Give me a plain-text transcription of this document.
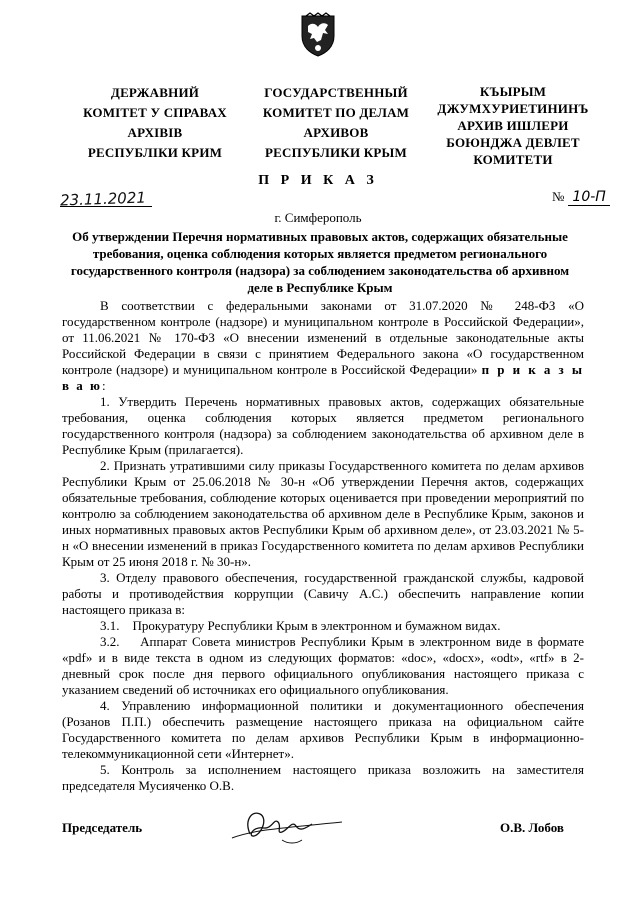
ДЕРЖАВНИЙ
КОМІТЕТ У СПРАВАХ
АРХІВІВ
РЕСПУБЛІКИ КРИМ
ГОСУДАРСТВЕННЫЙ
КОМИТЕТ ПО ДЕЛАМ
АРХИВОВ
РЕСПУБЛИКИ КРЫМ
КЪЫРЫМ
ДЖУМХУРИЕТИНИНЪ
АРХИВ ИШЛЕРИ
БОЮНДЖА ДЕВЛЕТ
КОМИТЕТИ
П Р И К А З
23.11.2021	№ 10-П
г. Симферополь
Об утверждении Перечня нормативных правовых актов, содержащих обязательные требования, оценка соблюдения которых является предметом регионального государственного контроля (надзора) за соблюдением законодательства об архивном деле в Республике Крым

В соответствии с федеральными законами от 31.07.2020 № 248-ФЗ «О государственном контроле (надзоре) и муниципальном контроле в Российской Федерации», от 11.06.2021 № 170-ФЗ «О внесении изменений в отдельные законодательные акты Российской Федерации в связи с принятием Федерального закона «О государственном контроле (надзоре) и муниципальном контроле в Российской Федерации» п р и к а з ы в а ю:

1. Утвердить Перечень нормативных правовых актов, содержащих обязательные требования, оценка соблюдения которых является предметом регионального государственного контроля (надзора) за соблюдением законодательства об архивном деле в Республике Крым (прилагается).

2. Признать утратившими силу приказы Государственного комитета по делам архивов Республики Крым от 25.06.2018 № 30-н «Об утверждении Перечня актов, содержащих обязательные требования, соблюдение которых оценивается при проведении мероприятий по контролю за соблюдением законодательства об архивном деле в Республике Крым, законов и иных нормативных правовых актов Республики Крым об архивном деле», от 23.03.2021 № 5-н «О внесении изменений в приказ Государственного комитета по делам архивов Республики Крым от 25 июня 2018 г. № 30-н».

3. Отделу правового обеспечения, государственной гражданской службы, кадровой работы и противодействия коррупции (Савичу А.С.) обеспечить направление копии настоящего приказа в:

3.1.    Прокуратуру Республики Крым в электронном и бумажном видах.

3.2.    Аппарат Совета министров Республики Крым в электронном виде в формате «pdf» и в виде текста в одном из следующих форматов: «doc», «docx», «odt», «rtf» в 2-дневный срок после дня первого официального опубликования настоящего приказа с указанием сведений об источниках его официального опубликования.

4. Управлению информационной политики и документационного обеспечения (Розанов П.П.) обеспечить размещение настоящего приказа на официальном сайте Государственного комитета по делам архивов Республики Крым в информационно-телекоммуникационной сети «Интернет».

5. Контроль за исполнением настоящего приказа возложить на заместителя председателя Мусияченко О.В.

Председатель	О.В. Лобов
